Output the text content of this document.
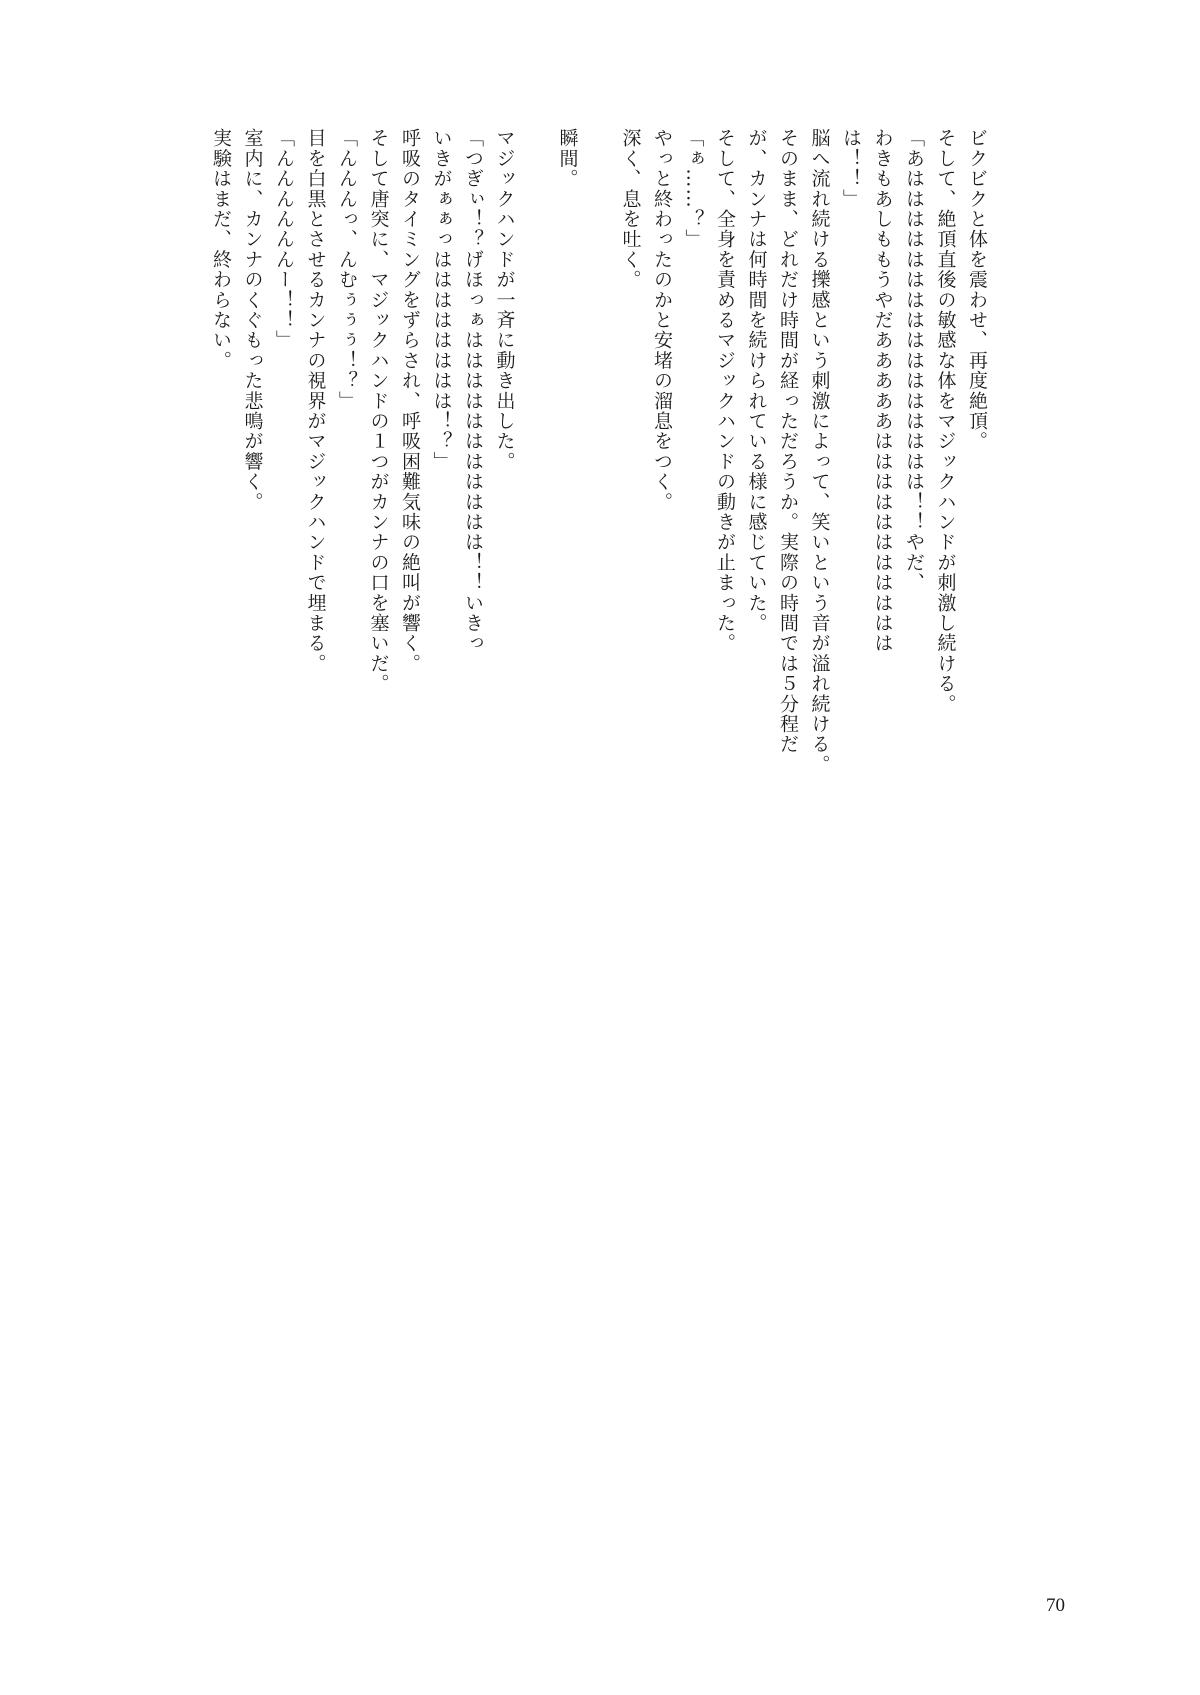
ビクビクと体を震わせ、再度絶頂。
そして、絶頂直後の敏感な体をマジックハンドが刺激し続ける。
「あはははははははははははははははは！！やだ、
わきもあしももうやだあああああははははははははははは
は！！」
脳へ流れ続ける擽感という刺激によって、笑いという音が溢れ続ける。
そのまま、どれだけ時間が経っただろうか。実際の時間では５分程だ
が、カンナは何時間を続けられている様に感じていた。
そして、全身を責めるマジックハンドの動きが止まった。
「ぁ……？」
やっと終わったのかと安堵の溜息をつく。
深く、息を吐く。
瞬間。
マジックハンドが一斉に動き出した。
「つぎぃ！？げほっぁははははははははははは！！いきっ
いきがぁぁっはははははははは！？」
呼吸のタイミングをずらされ、呼吸困難気味の絶叫が響く。
そして唐突に、マジックハンドの１つがカンナの口を塞いだ。
「んんんっ、んむぅぅぅ！？」
目を白黒とさせるカンナの視界がマジックハンドで埋まる。
「んんんんんんー！！」
室内に、カンナのくぐもった悲鳴が響く。
実験はまだ、終わらない。
70
